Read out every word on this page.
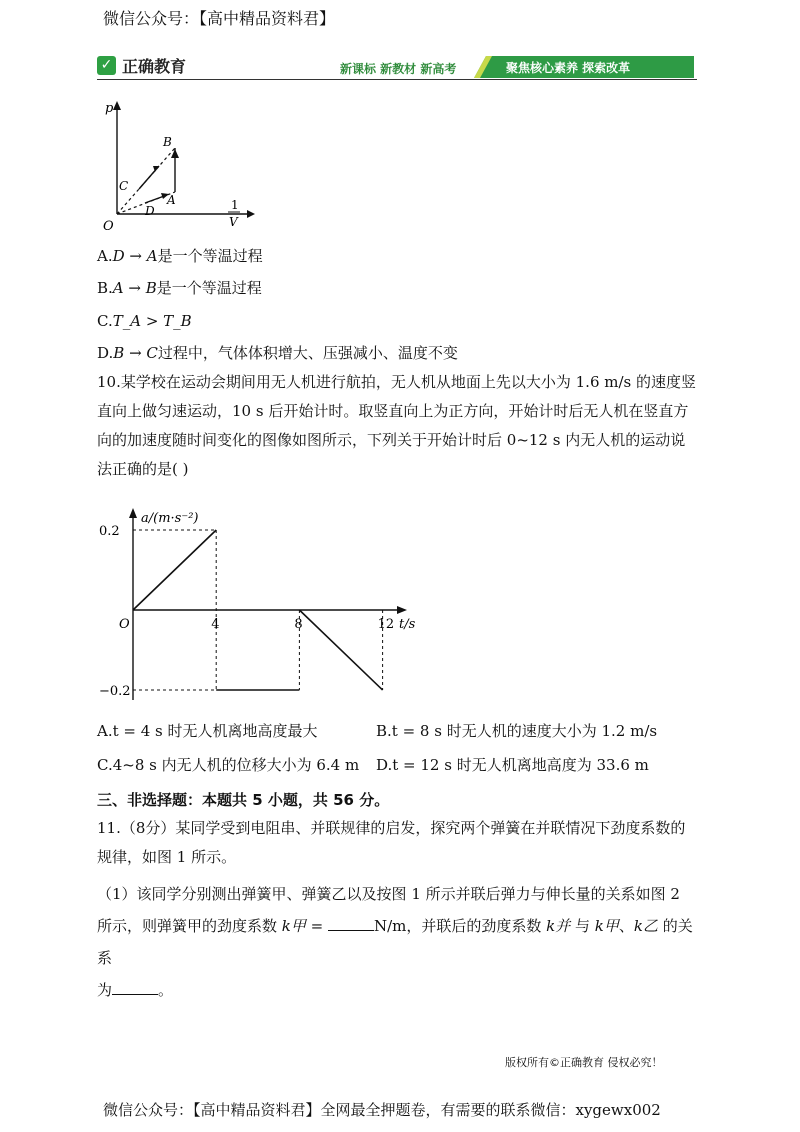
微信公众号：【高中精品资料君】
✓ 正确教育	新课标 新教材 新高考	聚焦核心素养 探索改革
p
1
V
O
A
B
C
D
A.D → A是一个等温过程
B.A → B是一个等温过程
C.T_A > T_B
D.B → C过程中，气体体积增大、压强减小、温度不变
10.某学校在运动会期间用无人机进行航拍，无人机从地面上先以大小为 1.6 m/s 的速度竖直向上做匀速运动，10 s 后开始计时。取竖直向上为正方向，开始计时后无人机在竖直方向的加速度随时间变化的图像如图所示，下列关于开始计时后 0~12 s 内无人机的运动说法正确的是( )
a/(m·s⁻²)
t/s
O	4	8	12
0.2
−0.2
A.t = 4 s 时无人机离地高度最大	B.t = 8 s 时无人机的速度大小为 1.2 m/s
C.4~8 s 内无人机的位移大小为 6.4 m D.t = 12 s 时无人机离地高度为 33.6 m
三、非选择题：本题共 5 小题，共 56 分。
11.（8分）某同学受到电阻串、并联规律的启发，探究两个弹簧在并联情况下劲度系数的规律，如图 1 所示。
（1）该同学分别测出弹簧甲、弹簧乙以及按图 1 所示并联后弹力与伸长量的关系如图 2 所示，则弹簧甲的劲度系数 k甲 =	N/m，并联后的劲度系数 k并 与 k甲、k乙 的关系
为	。
版权所有©正确教育 侵权必究！
微信公众号：【高中精品资料君】全网最全押题卷，有需要的联系微信：xygewx002
